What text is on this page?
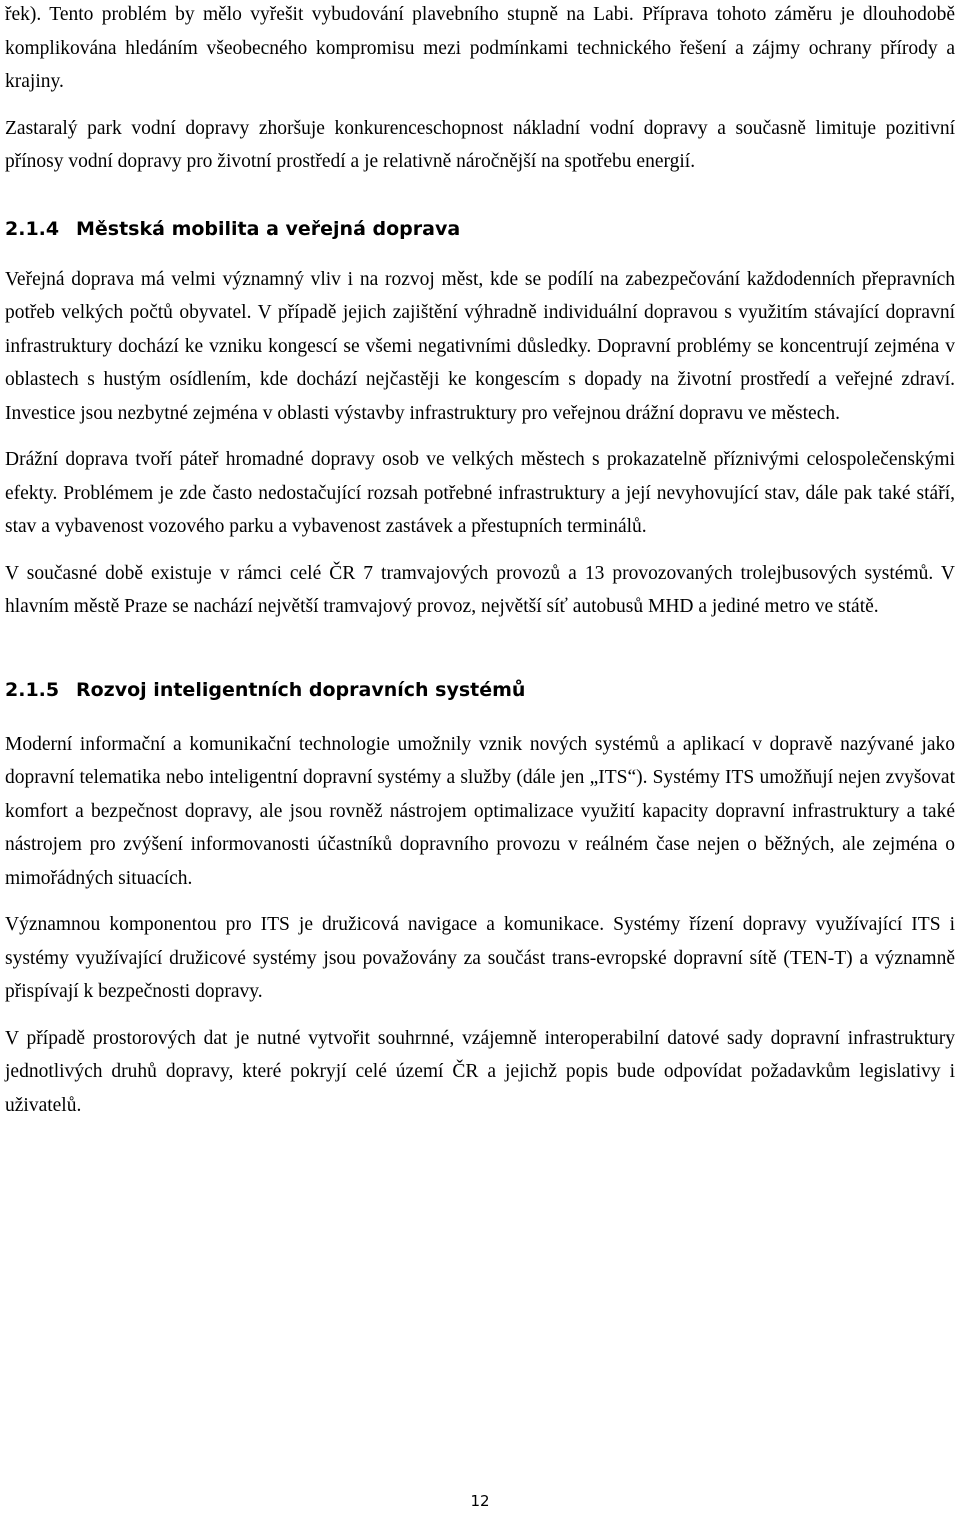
řek). Tento problém by mělo vyřešit vybudování plavebního stupně na Labi. Příprava tohoto záměru je dlouhodobě komplikována hledáním všeobecného kompromisu mezi podmínkami technického řešení a zájmy ochrany přírody a krajiny.

Zastaralý park vodní dopravy zhoršuje konkurenceschopnost nákladní vodní dopravy a současně limituje pozitivní přínosy vodní dopravy pro životní prostředí a je relativně náročnější na spotřebu energií.

2.1.4 Městská mobilita a veřejná doprava

Veřejná doprava má velmi významný vliv i na rozvoj měst, kde se podílí na zabezpečování každodenních přepravních potřeb velkých počtů obyvatel. V případě jejich zajištění výhradně individuální dopravou s využitím stávající dopravní infrastruktury dochází ke vzniku kongescí se všemi negativními důsledky. Dopravní problémy se koncentrují zejména v oblastech s hustým osídlením, kde dochází nejčastěji ke kongescím s dopady na životní prostředí a veřejné zdraví. Investice jsou nezbytné zejména v oblasti výstavby infrastruktury pro veřejnou drážní dopravu ve městech.

Drážní doprava tvoří páteř hromadné dopravy osob ve velkých městech s prokazatelně příznivými celospolečenskými efekty. Problémem je zde často nedostačující rozsah potřebné infrastruktury a její nevyhovující stav, dále pak také stáří, stav a vybavenost vozového parku a vybavenost zastávek a přestupních terminálů.

V současné době existuje v rámci celé ČR 7 tramvajových provozů a 13 provozovaných trolejbusových systémů. V hlavním městě Praze se nachází největší tramvajový provoz, největší síť autobusů MHD a jediné metro ve státě.

2.1.5 Rozvoj inteligentních dopravních systémů

Moderní informační a komunikační technologie umožnily vznik nových systémů a aplikací v dopravě nazývané jako dopravní telematika nebo inteligentní dopravní systémy a služby (dále jen „ITS“). Systémy ITS umožňují nejen zvyšovat komfort a bezpečnost dopravy, ale jsou rovněž nástrojem optimalizace využití kapacity dopravní infrastruktury a také nástrojem pro zvýšení informovanosti účastníků dopravního provozu v reálném čase nejen o běžných, ale zejména o mimořádných situacích.

Významnou komponentou pro ITS je družicová navigace a komunikace. Systémy řízení dopravy využívající ITS i systémy využívající družicové systémy jsou považovány za součást trans-evropské dopravní sítě (TEN-T) a významně přispívají k bezpečnosti dopravy.

V případě prostorových dat je nutné vytvořit souhrnné, vzájemně interoperabilní datové sady dopravní infrastruktury jednotlivých druhů dopravy, které pokryjí celé území ČR a jejichž popis bude odpovídat požadavkům legislativy i uživatelů.

12
